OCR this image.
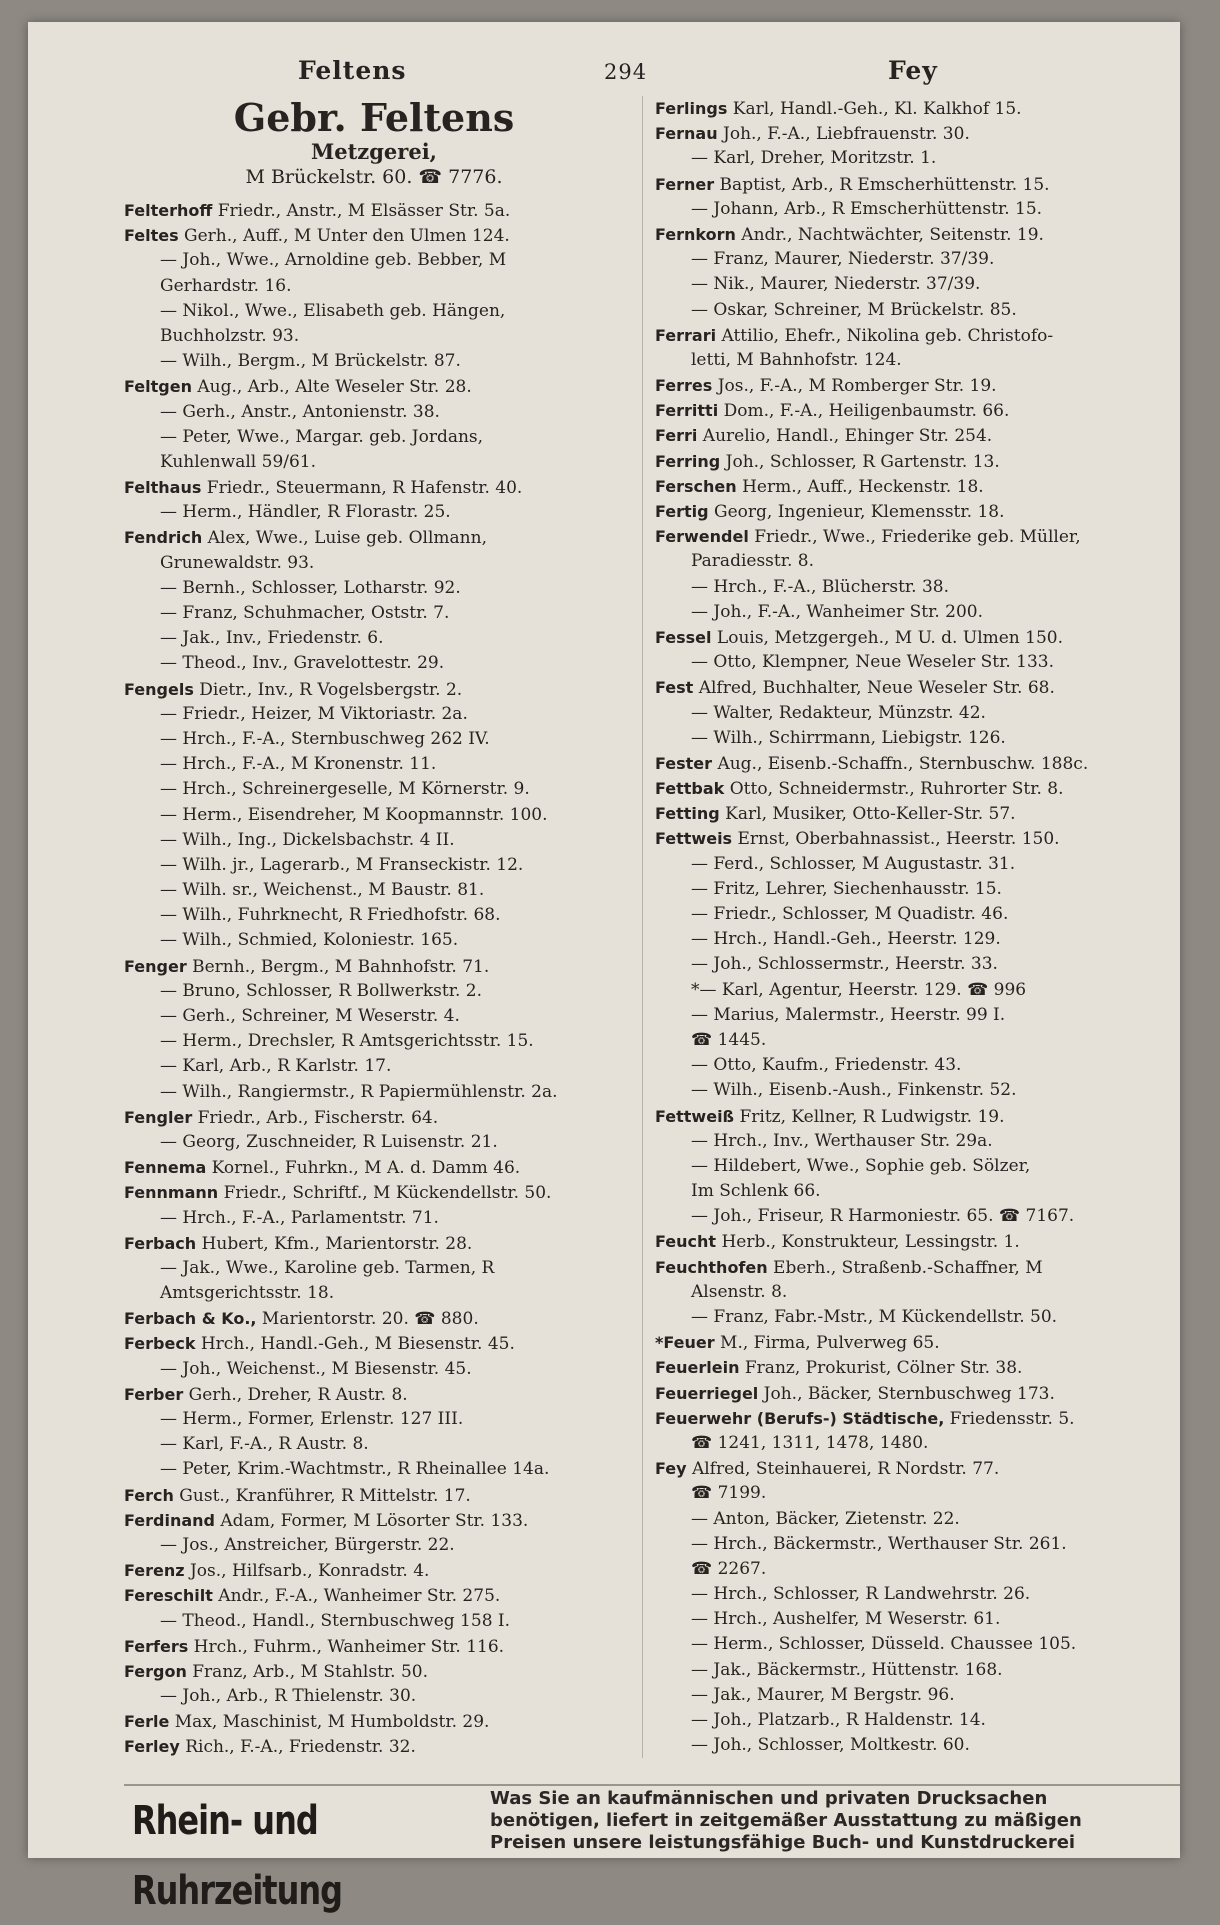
Feltens	294	Fey
Gebr. Feltens
Metzgerei,
M Brückelstr. 60. ☎ 7776.
Felterhoff Friedr., Anstr., M Elsässer Str. 5a.
Feltes Gerh., Auff., M Unter den Ulmen 124.
— Joh., Wwe., Arnoldine geb. Bebber, M
Gerhardstr. 16.
— Nikol., Wwe., Elisabeth geb. Hängen,
Buchholzstr. 93.
— Wilh., Bergm., M Brückelstr. 87.
Feltgen Aug., Arb., Alte Weseler Str. 28.
— Gerh., Anstr., Antonienstr. 38.
— Peter, Wwe., Margar. geb. Jordans,
Kuhlenwall 59/61.
Felthaus Friedr., Steuermann, R Hafenstr. 40.
— Herm., Händler, R Florastr. 25.
Fendrich Alex, Wwe., Luise geb. Ollmann,
Grunewaldstr. 93.
— Bernh., Schlosser, Lotharstr. 92.
— Franz, Schuhmacher, Oststr. 7.
— Jak., Inv., Friedenstr. 6.
— Theod., Inv., Gravelottestr. 29.
Fengels Dietr., Inv., R Vogelsbergstr. 2.
— Friedr., Heizer, M Viktoriastr. 2a.
— Hrch., F.-A., Sternbuschweg 262 IV.
— Hrch., F.-A., M Kronenstr. 11.
— Hrch., Schreinergeselle, M Körnerstr. 9.
— Herm., Eisendreher, M Koopmannstr. 100.
— Wilh., Ing., Dickelsbachstr. 4 II.
— Wilh. jr., Lagerarb., M Franseckistr. 12.
— Wilh. sr., Weichenst., M Baustr. 81.
— Wilh., Fuhrknecht, R Friedhofstr. 68.
— Wilh., Schmied, Koloniestr. 165.
Fenger Bernh., Bergm., M Bahnhofstr. 71.
— Bruno, Schlosser, R Bollwerkstr. 2.
— Gerh., Schreiner, M Weserstr. 4.
— Herm., Drechsler, R Amtsgerichtsstr. 15.
— Karl, Arb., R Karlstr. 17.
— Wilh., Rangiermstr., R Papiermühlenstr. 2a.
Fengler Friedr., Arb., Fischerstr. 64.
— Georg, Zuschneider, R Luisenstr. 21.
Fennema Kornel., Fuhrkn., M A. d. Damm 46.
Fennmann Friedr., Schriftf., M Kückendellstr. 50.
— Hrch., F.-A., Parlamentstr. 71.
Ferbach Hubert, Kfm., Marientorstr. 28.
— Jak., Wwe., Karoline geb. Tarmen, R
Amtsgerichtsstr. 18.
Ferbach & Ko., Marientorstr. 20. ☎ 880.
Ferbeck Hrch., Handl.-Geh., M Biesenstr. 45.
— Joh., Weichenst., M Biesenstr. 45.
Ferber Gerh., Dreher, R Austr. 8.
— Herm., Former, Erlenstr. 127 III.
— Karl, F.-A., R Austr. 8.
— Peter, Krim.-Wachtmstr., R Rheinallee 14a.
Ferch Gust., Kranführer, R Mittelstr. 17.
Ferdinand Adam, Former, M Lösorter Str. 133.
— Jos., Anstreicher, Bürgerstr. 22.
Ferenz Jos., Hilfsarb., Konradstr. 4.
Fereschilt Andr., F.-A., Wanheimer Str. 275.
— Theod., Handl., Sternbuschweg 158 I.
Ferfers Hrch., Fuhrm., Wanheimer Str. 116.
Fergon Franz, Arb., M Stahlstr. 50.
— Joh., Arb., R Thielenstr. 30.
Ferle Max, Maschinist, M Humboldstr. 29.
Ferley Rich., F.-A., Friedenstr. 32.
Ferlings Karl, Handl.-Geh., Kl. Kalkhof 15.
Fernau Joh., F.-A., Liebfrauenstr. 30.
— Karl, Dreher, Moritzstr. 1.
Ferner Baptist, Arb., R Emscherhüttenstr. 15.
— Johann, Arb., R Emscherhüttenstr. 15.
Fernkorn Andr., Nachtwächter, Seitenstr. 19.
— Franz, Maurer, Niederstr. 37/39.
— Nik., Maurer, Niederstr. 37/39.
— Oskar, Schreiner, M Brückelstr. 85.
Ferrari Attilio, Ehefr., Nikolina geb. Christofo-
letti, M Bahnhofstr. 124.
Ferres Jos., F.-A., M Romberger Str. 19.
Ferritti Dom., F.-A., Heiligenbaumstr. 66.
Ferri Aurelio, Handl., Ehinger Str. 254.
Ferring Joh., Schlosser, R Gartenstr. 13.
Ferschen Herm., Auff., Heckenstr. 18.
Fertig Georg, Ingenieur, Klemensstr. 18.
Ferwendel Friedr., Wwe., Friederike geb. Müller,
Paradiesstr. 8.
— Hrch., F.-A., Blücherstr. 38.
— Joh., F.-A., Wanheimer Str. 200.
Fessel Louis, Metzgergeh., M U. d. Ulmen 150.
— Otto, Klempner, Neue Weseler Str. 133.
Fest Alfred, Buchhalter, Neue Weseler Str. 68.
— Walter, Redakteur, Münzstr. 42.
— Wilh., Schirrmann, Liebigstr. 126.
Fester Aug., Eisenb.-Schaffn., Sternbuschw. 188c.
Fettbak Otto, Schneidermstr., Ruhrorter Str. 8.
Fetting Karl, Musiker, Otto-Keller-Str. 57.
Fettweis Ernst, Oberbahnassist., Heerstr. 150.
— Ferd., Schlosser, M Augustastr. 31.
— Fritz, Lehrer, Siechenhausstr. 15.
— Friedr., Schlosser, M Quadistr. 46.
— Hrch., Handl.-Geh., Heerstr. 129.
— Joh., Schlossermstr., Heerstr. 33.
*— Karl, Agentur, Heerstr. 129. ☎ 996
— Marius, Malermstr., Heerstr. 99 I.
☎ 1445.
— Otto, Kaufm., Friedenstr. 43.
— Wilh., Eisenb.-Aush., Finkenstr. 52.
Fettweiß Fritz, Kellner, R Ludwigstr. 19.
— Hrch., Inv., Werthauser Str. 29a.
— Hildebert, Wwe., Sophie geb. Sölzer,
Im Schlenk 66.
— Joh., Friseur, R Harmoniestr. 65. ☎ 7167.
Feucht Herb., Konstrukteur, Lessingstr. 1.
Feuchthofen Eberh., Straßenb.-Schaffner, M
Alsenstr. 8.
— Franz, Fabr.-Mstr., M Kückendellstr. 50.
*Feuer M., Firma, Pulverweg 65.
Feuerlein Franz, Prokurist, Cölner Str. 38.
Feuerriegel Joh., Bäcker, Sternbuschweg 173.
Feuerwehr (Berufs-) Städtische, Friedensstr. 5.
☎ 1241, 1311, 1478, 1480.
Fey Alfred, Steinhauerei, R Nordstr. 77.
☎ 7199.
— Anton, Bäcker, Zietenstr. 22.
— Hrch., Bäckermstr., Werthauser Str. 261.
☎ 2267.
— Hrch., Schlosser, R Landwehrstr. 26.
— Hrch., Aushelfer, M Weserstr. 61.
— Herm., Schlosser, Düsseld. Chaussee 105.
— Jak., Bäckermstr., Hüttenstr. 168.
— Jak., Maurer, M Bergstr. 96.
— Joh., Platzarb., R Haldenstr. 14.
— Joh., Schlosser, Moltkestr. 60.
Rhein- und Ruhrzeitung
Was Sie an kaufmännischen und privaten Drucksachen
benötigen, liefert in zeitgemäßer Ausstattung zu mäßigen
Preisen unsere leistungsfähige Buch- und Kunstdruckerei
